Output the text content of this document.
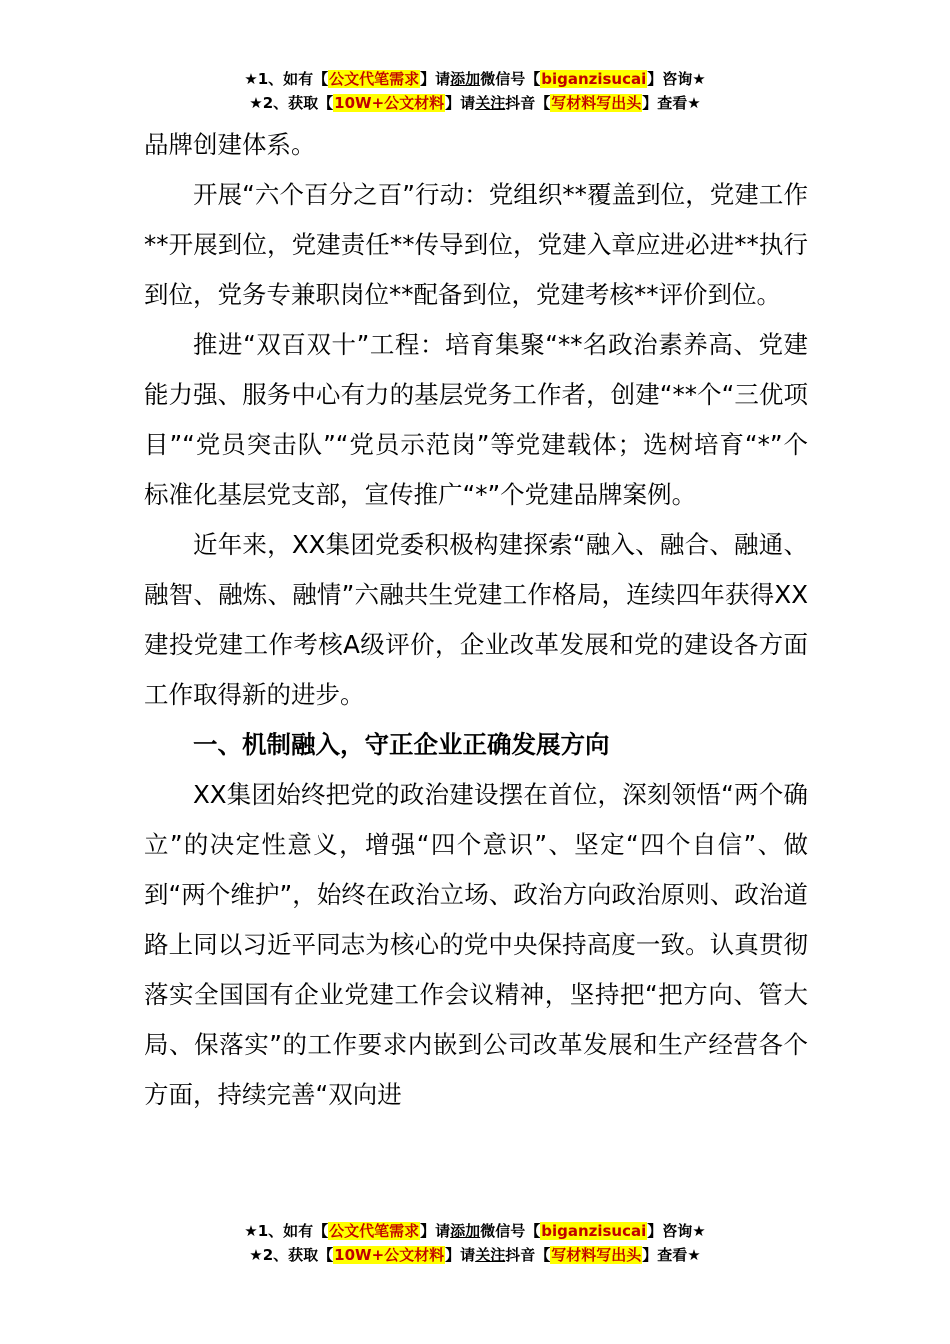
★1、如有【公文代笔需求】请添加微信号【biganzisucai】咨询★
★2、获取【10W+公文材料】请关注抖音【写材料写出头】查看★

品牌创建体系。

开展“六个百分之百”行动：党组织**覆盖到位，党建工作**开展到位，党建责任**传导到位，党建入章应进必进**执行到位，党务专兼职岗位**配备到位，党建考核**评价到位。

推进“双百双十”工程：培育集聚“**名政治素养高、党建能力强、服务中心有力的基层党务工作者，创建“**个“三优项目”“党员突击队”“党员示范岗”等党建载体；选树培育“*”个标准化基层党支部，宣传推广“*”个党建品牌案例。

近年来，XX集团党委积极构建探索“融入、融合、融通、融智、融炼、融情”六融共生党建工作格局，连续四年获得XX建投党建工作考核A级评价，企业改革发展和党的建设各方面工作取得新的进步。

一、机制融入，守正企业正确发展方向

XX集团始终把党的政治建设摆在首位，深刻领悟“两个确立”的决定性意义，增强“四个意识”、坚定“四个自信”、做到“两个维护”，始终在政治立场、政治方向政治原则、政治道路上同以习近平同志为核心的党中央保持高度一致。认真贯彻落实全国国有企业党建工作会议精神，坚持把“把方向、管大局、保落实”的工作要求内嵌到公司改革发展和生产经营各个方面，持续完善“双向进

★1、如有【公文代笔需求】请添加微信号【biganzisucai】咨询★
★2、获取【10W+公文材料】请关注抖音【写材料写出头】查看★
